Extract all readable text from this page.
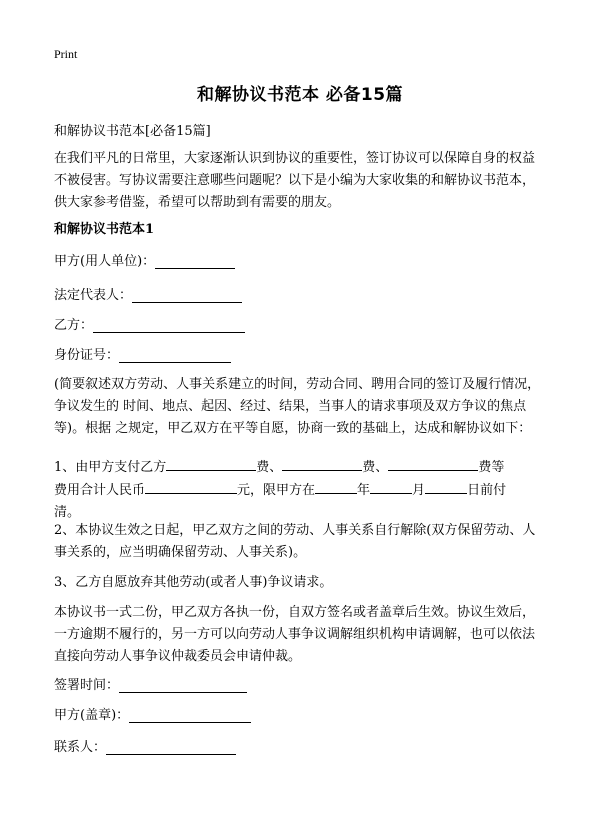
Print
和解协议书范本 必备15篇
和解协议书范本[必备15篇]
在我们平凡的日常里，大家逐渐认识到协议的重要性，签订协议可以保障自身的权益不被侵害。写协议需要注意哪些问题呢？以下是小编为大家收集的和解协议书范本，供大家参考借鉴，希望可以帮助到有需要的朋友。
和解协议书范本1
甲方(用人单位)：
法定代表人：
乙方：
身份证号：
(简要叙述双方劳动、人事关系建立的时间，劳动合同、聘用合同的签订及履行情况，争议发生的 时间、地点、起因、经过、结果，当事人的请求事项及双方争议的焦点等)。根据 之规定，甲乙双方在平等自愿，协商一致的基础上，达成和解协议如下：
1、由甲方支付乙方	费、	费、	费等
费用合计人民币	元，限甲方在	年	月	日前付
清。
2、本协议生效之日起，甲乙双方之间的劳动、人事关系自行解除(双方保留劳动、人事关系的，应当明确保留劳动、人事关系)。
3、乙方自愿放弃其他劳动(或者人事)争议请求。
本协议书一式二份，甲乙双方各执一份，自双方签名或者盖章后生效。协议生效后，一方逾期不履行的，另一方可以向劳动人事争议调解组织机构申请调解，也可以依法直接向劳动人事争议仲裁委员会申请仲裁。
签署时间：
甲方(盖章)：
联系人：
